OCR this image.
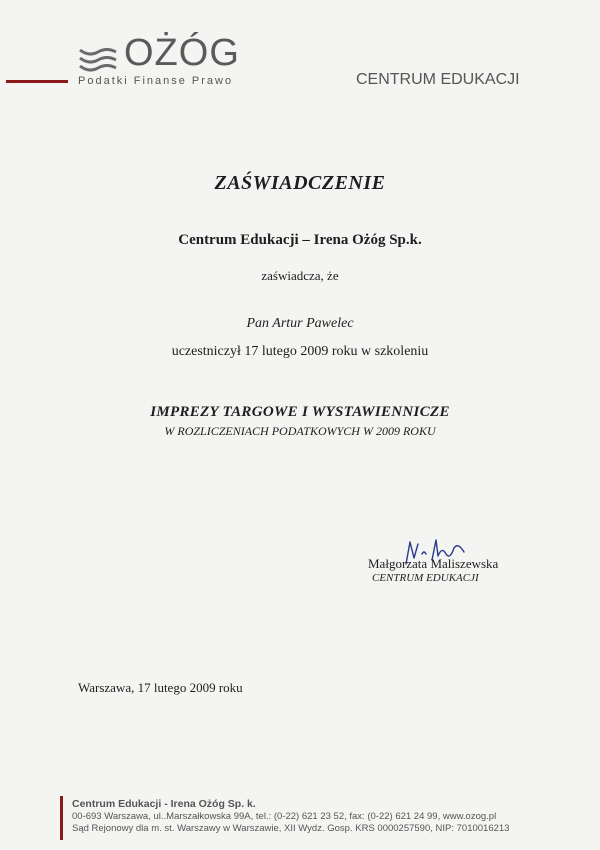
OŻÓG
Podatki Finanse Prawo	CENTRUM EDUKACJI
ZAŚWIADCZENIE
Centrum Edukacji – Irena Ożóg Sp.k.
zaświadcza, że
Pan Artur Pawelec
uczestniczył 17 lutego 2009 roku w szkoleniu
IMPREZY TARGOWE I WYSTAWIENNICZE
W ROZLICZENIACH PODATKOWYCH W 2009 ROKU
Małgorzata Maliszewska
CENTRUM EDUKACJI
Warszawa, 17 lutego 2009 roku
Centrum Edukacji - Irena Ożóg Sp. k.
00-693 Warszawa, ul..Marszałkowska 99A, tel.: (0-22) 621 23 52, fax: (0-22) 621 24 99, www.ozog.pl
Sąd Rejonowy dla m. st. Warszawy w Warszawie, XII Wydz. Gosp. KRS 0000257590, NIP: 7010016213
